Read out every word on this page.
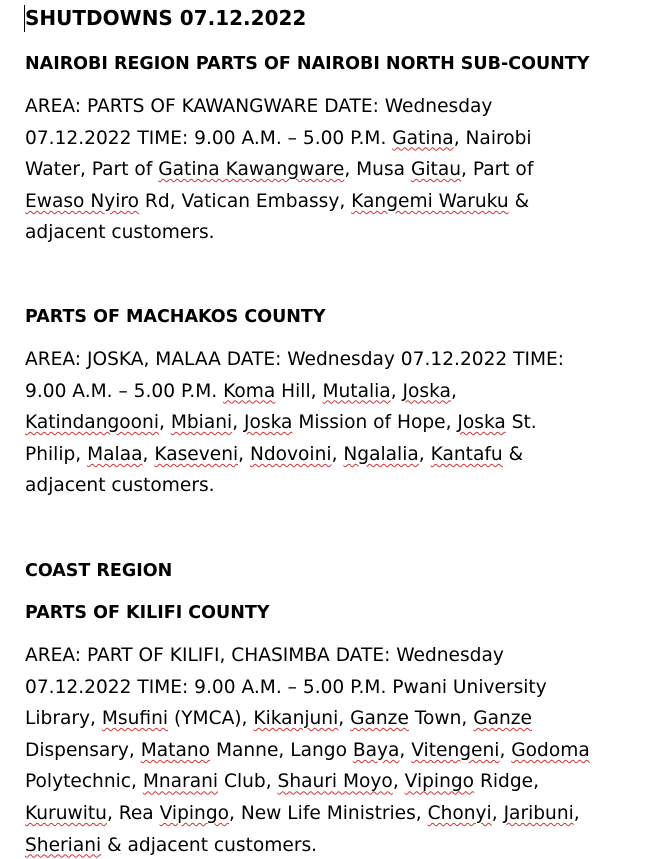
SHUTDOWNS 07.12.2022
NAIROBI REGION PARTS OF NAIROBI NORTH SUB-COUNTY
AREA: PARTS OF KAWANGWARE DATE: Wednesday
07.12.2022 TIME: 9.00 A.M. – 5.00 P.M. Gatina, Nairobi
Water, Part of Gatina Kawangware, Musa Gitau, Part of
Ewaso Nyiro Rd, Vatican Embassy, Kangemi Waruku &
adjacent customers.
PARTS OF MACHAKOS COUNTY
AREA: JOSKA, MALAA DATE: Wednesday 07.12.2022 TIME:
9.00 A.M. – 5.00 P.M. Koma Hill, Mutalia, Joska,
Katindangooni, Mbiani, Joska Mission of Hope, Joska St.
Philip, Malaa, Kaseveni, Ndovoini, Ngalalia, Kantafu &
adjacent customers.
COAST REGION
PARTS OF KILIFI COUNTY
AREA: PART OF KILIFI, CHASIMBA DATE: Wednesday
07.12.2022 TIME: 9.00 A.M. – 5.00 P.M. Pwani University
Library, Msufini (YMCA), Kikanjuni, Ganze Town, Ganze
Dispensary, Matano Manne, Lango Baya, Vitengeni, Godoma
Polytechnic, Mnarani Club, Shauri Moyo, Vipingo Ridge,
Kuruwitu, Rea Vipingo, New Life Ministries, Chonyi, Jaribuni,
Sheriani & adjacent customers.
